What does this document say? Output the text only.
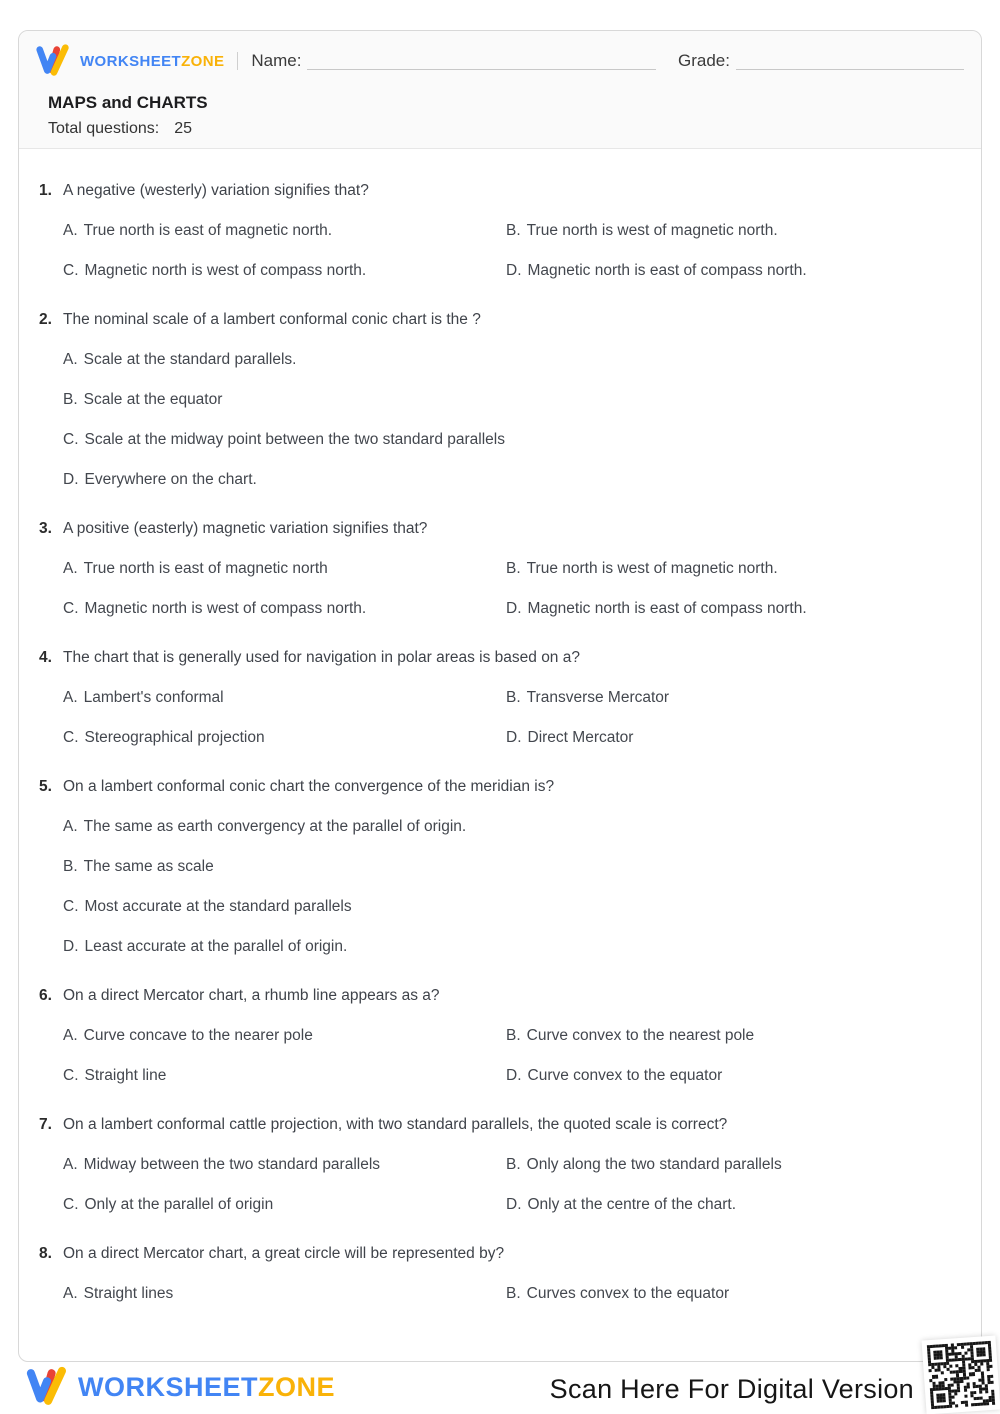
WORKSHEETZONE Name:	Grade:
MAPS and CHARTS
Total questions: 25
1. A negative (westerly) variation signifies that?
A. True north is east of magnetic north.	B. True north is west of magnetic north.
C. Magnetic north is west of compass north.	D. Magnetic north is east of compass north.
2. The nominal scale of a lambert conformal conic chart is the ?
A. Scale at the standard parallels.
B. Scale at the equator
C. Scale at the midway point between the two standard parallels
D. Everywhere on the chart.
3. A positive (easterly) magnetic variation signifies that?
A. True north is east of magnetic north	B. True north is west of magnetic north.
C. Magnetic north is west of compass north.	D. Magnetic north is east of compass north.
4. The chart that is generally used for navigation in polar areas is based on a?
A. Lambert's conformal	B. Transverse Mercator
C. Stereographical projection	D. Direct Mercator
5. On a lambert conformal conic chart the convergence of the meridian is?
A. The same as earth convergency at the parallel of origin.
B. The same as scale
C. Most accurate at the standard parallels
D. Least accurate at the parallel of origin.
6. On a direct Mercator chart, a rhumb line appears as a?
A. Curve concave to the nearer pole	B. Curve convex to the nearest pole
C. Straight line	D. Curve convex to the equator
7. On a lambert conformal cattle projection, with two standard parallels, the quoted scale is correct?
A. Midway between the two standard parallels	B. Only along the two standard parallels
C. Only at the parallel of origin	D. Only at the centre of the chart.
8. On a direct Mercator chart, a great circle will be represented by?
A. Straight lines	B. Curves convex to the equator
WORKSHEETZONE	Scan Here For Digital Version
